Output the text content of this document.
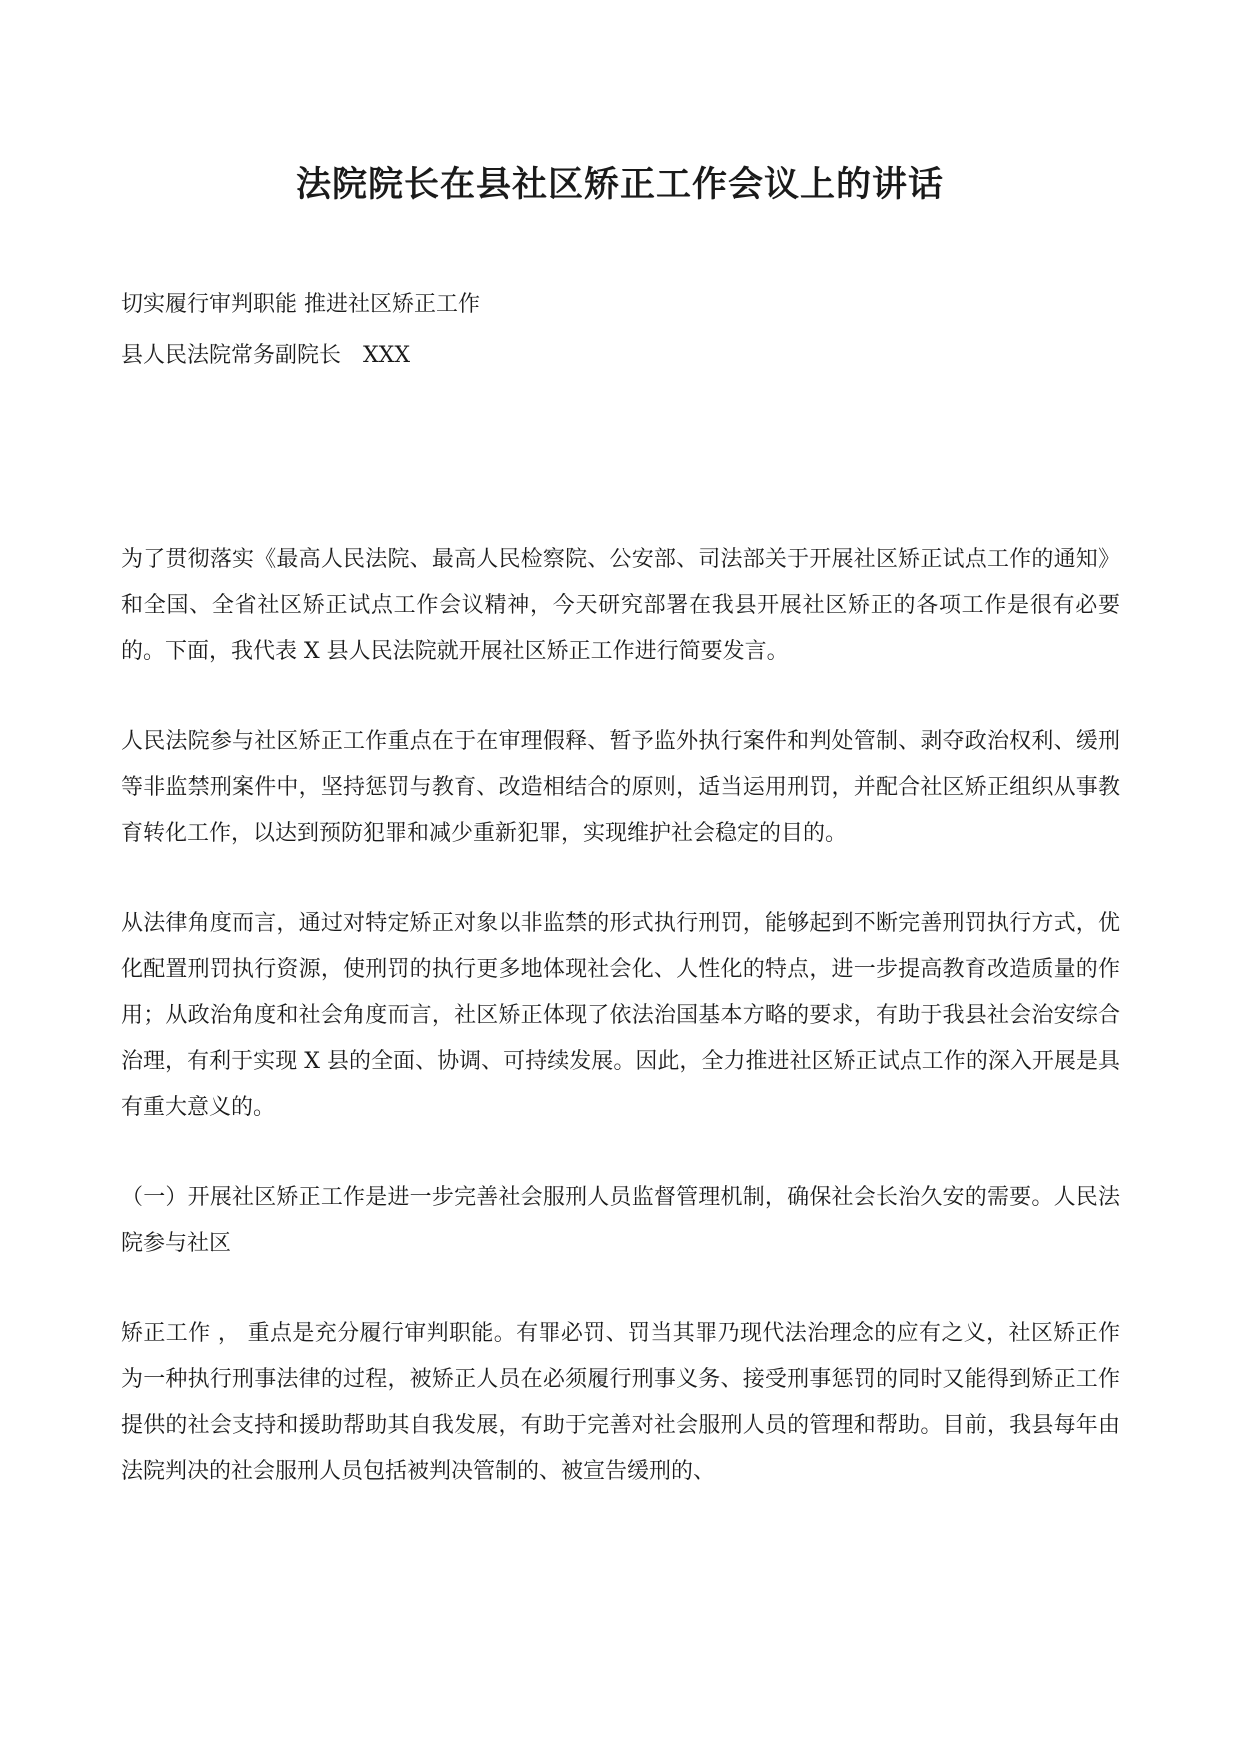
法院院长在县社区矫正工作会议上的讲话
切实履行审判职能 推进社区矫正工作
县人民法院常务副院长　XXX

为了贯彻落实《最高人民法院、最高人民检察院、公安部、司法部关于开展社区矫正试点工作的通知》和全国、全省社区矫正试点工作会议精神，今天研究部署在我县开展社区矫正的各项工作是很有必要的。下面，我代表 X 县人民法院就开展社区矫正工作进行简要发言。

人民法院参与社区矫正工作重点在于在审理假释、暂予监外执行案件和判处管制、剥夺政治权利、缓刑等非监禁刑案件中，坚持惩罚与教育、改造相结合的原则，适当运用刑罚，并配合社区矫正组织从事教育转化工作，以达到预防犯罪和减少重新犯罪，实现维护社会稳定的目的。

从法律角度而言，通过对特定矫正对象以非监禁的形式执行刑罚，能够起到不断完善刑罚执行方式，优化配置刑罚执行资源，使刑罚的执行更多地体现社会化、人性化的特点，进一步提高教育改造质量的作用；从政治角度和社会角度而言，社区矫正体现了依法治国基本方略的要求，有助于我县社会治安综合治理，有利于实现 X 县的全面、协调、可持续发展。因此，全力推进社区矫正试点工作的深入开展是具有重大意义的。

（一）开展社区矫正工作是进一步完善社会服刑人员监督管理机制，确保社会长治久安的需要。人民法院参与社区

矫正工作 ， 重点是充分履行审判职能。有罪必罚、罚当其罪乃现代法治理念的应有之义，社区矫正作为一种执行刑事法律的过程，被矫正人员在必须履行刑事义务、接受刑事惩罚的同时又能得到矫正工作提供的社会支持和援助帮助其自我发展，有助于完善对社会服刑人员的管理和帮助。目前，我县每年由法院判决的社会服刑人员包括被判决管制的、被宣告缓刑的、
